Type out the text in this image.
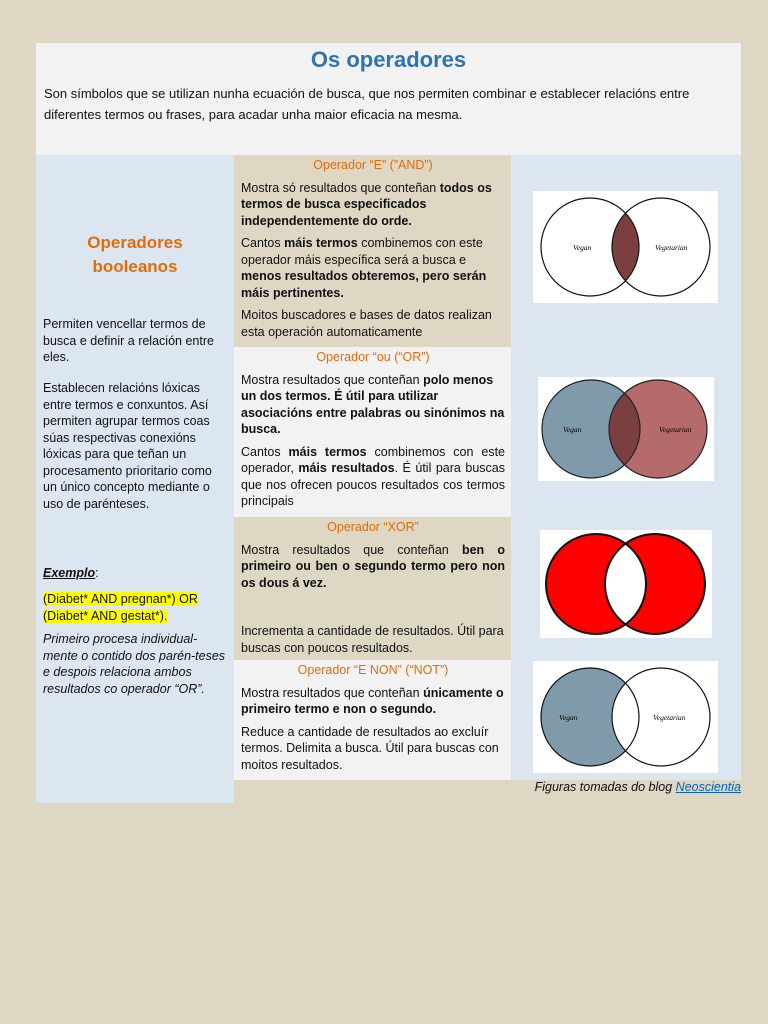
Os operadores
Son símbolos que se utilizan nunha ecuación de busca, que nos permiten combinar e establecer relacións entre diferentes termos ou frases, para acadar unha maior eficacia na mesma.
Operadores
booleanos

Permiten vencellar termos de busca e definir a relación entre eles.

Establecen relacións lóxicas entre termos e conxuntos. Así permiten agrupar termos coas súas respectivas conexións lóxicas para que teñan un procesamento prioritario como un único concepto mediante o uso de parénteses.

Exemplo:

(Diabet* AND pregnan*) OR
(Diabet* AND gestat*).

Primeiro procesa individual-mente o contido dos parén-teses e despois relaciona ambos resultados co operador “OR”.

Operador “E” (”AND”)

Mostra só resultados que conteñan todos os termos de busca especificados independentemente do orde.

Cantos máis termos combinemos con este operador máis específica será a busca e menos resultados obteremos, pero serán máis pertinentes.

Moitos buscadores e bases de datos realizan esta operación automaticamente

Operador “ou (“OR”)

Mostra resultados que conteñan polo menos un dos termos. É útil para utilizar asociacións entre palabras ou sinónimos na busca.

Cantos máis termos combinemos con este operador, máis resultados. É útil para buscas que nos ofrecen poucos resultados cos termos principais

Operador “XOR”

Mostra resultados que conteñan ben o primeiro ou ben o segundo termo pero non os dous á vez.

Incrementa a cantidade de resultados. Útil para buscas con poucos resultados.

Operador “E NON” (“NOT”)

Mostra resultados que conteñan únicamente o primeiro termo e non o segundo.

Reduce a cantidade de resultados ao excluír termos. Delimita a busca. Útil para buscas con moitos resultados.

Vegan	Vegetarian
Vegan	Vegetarian
Vegan	Vegetarian
Figuras tomadas do blog Neoscientia
